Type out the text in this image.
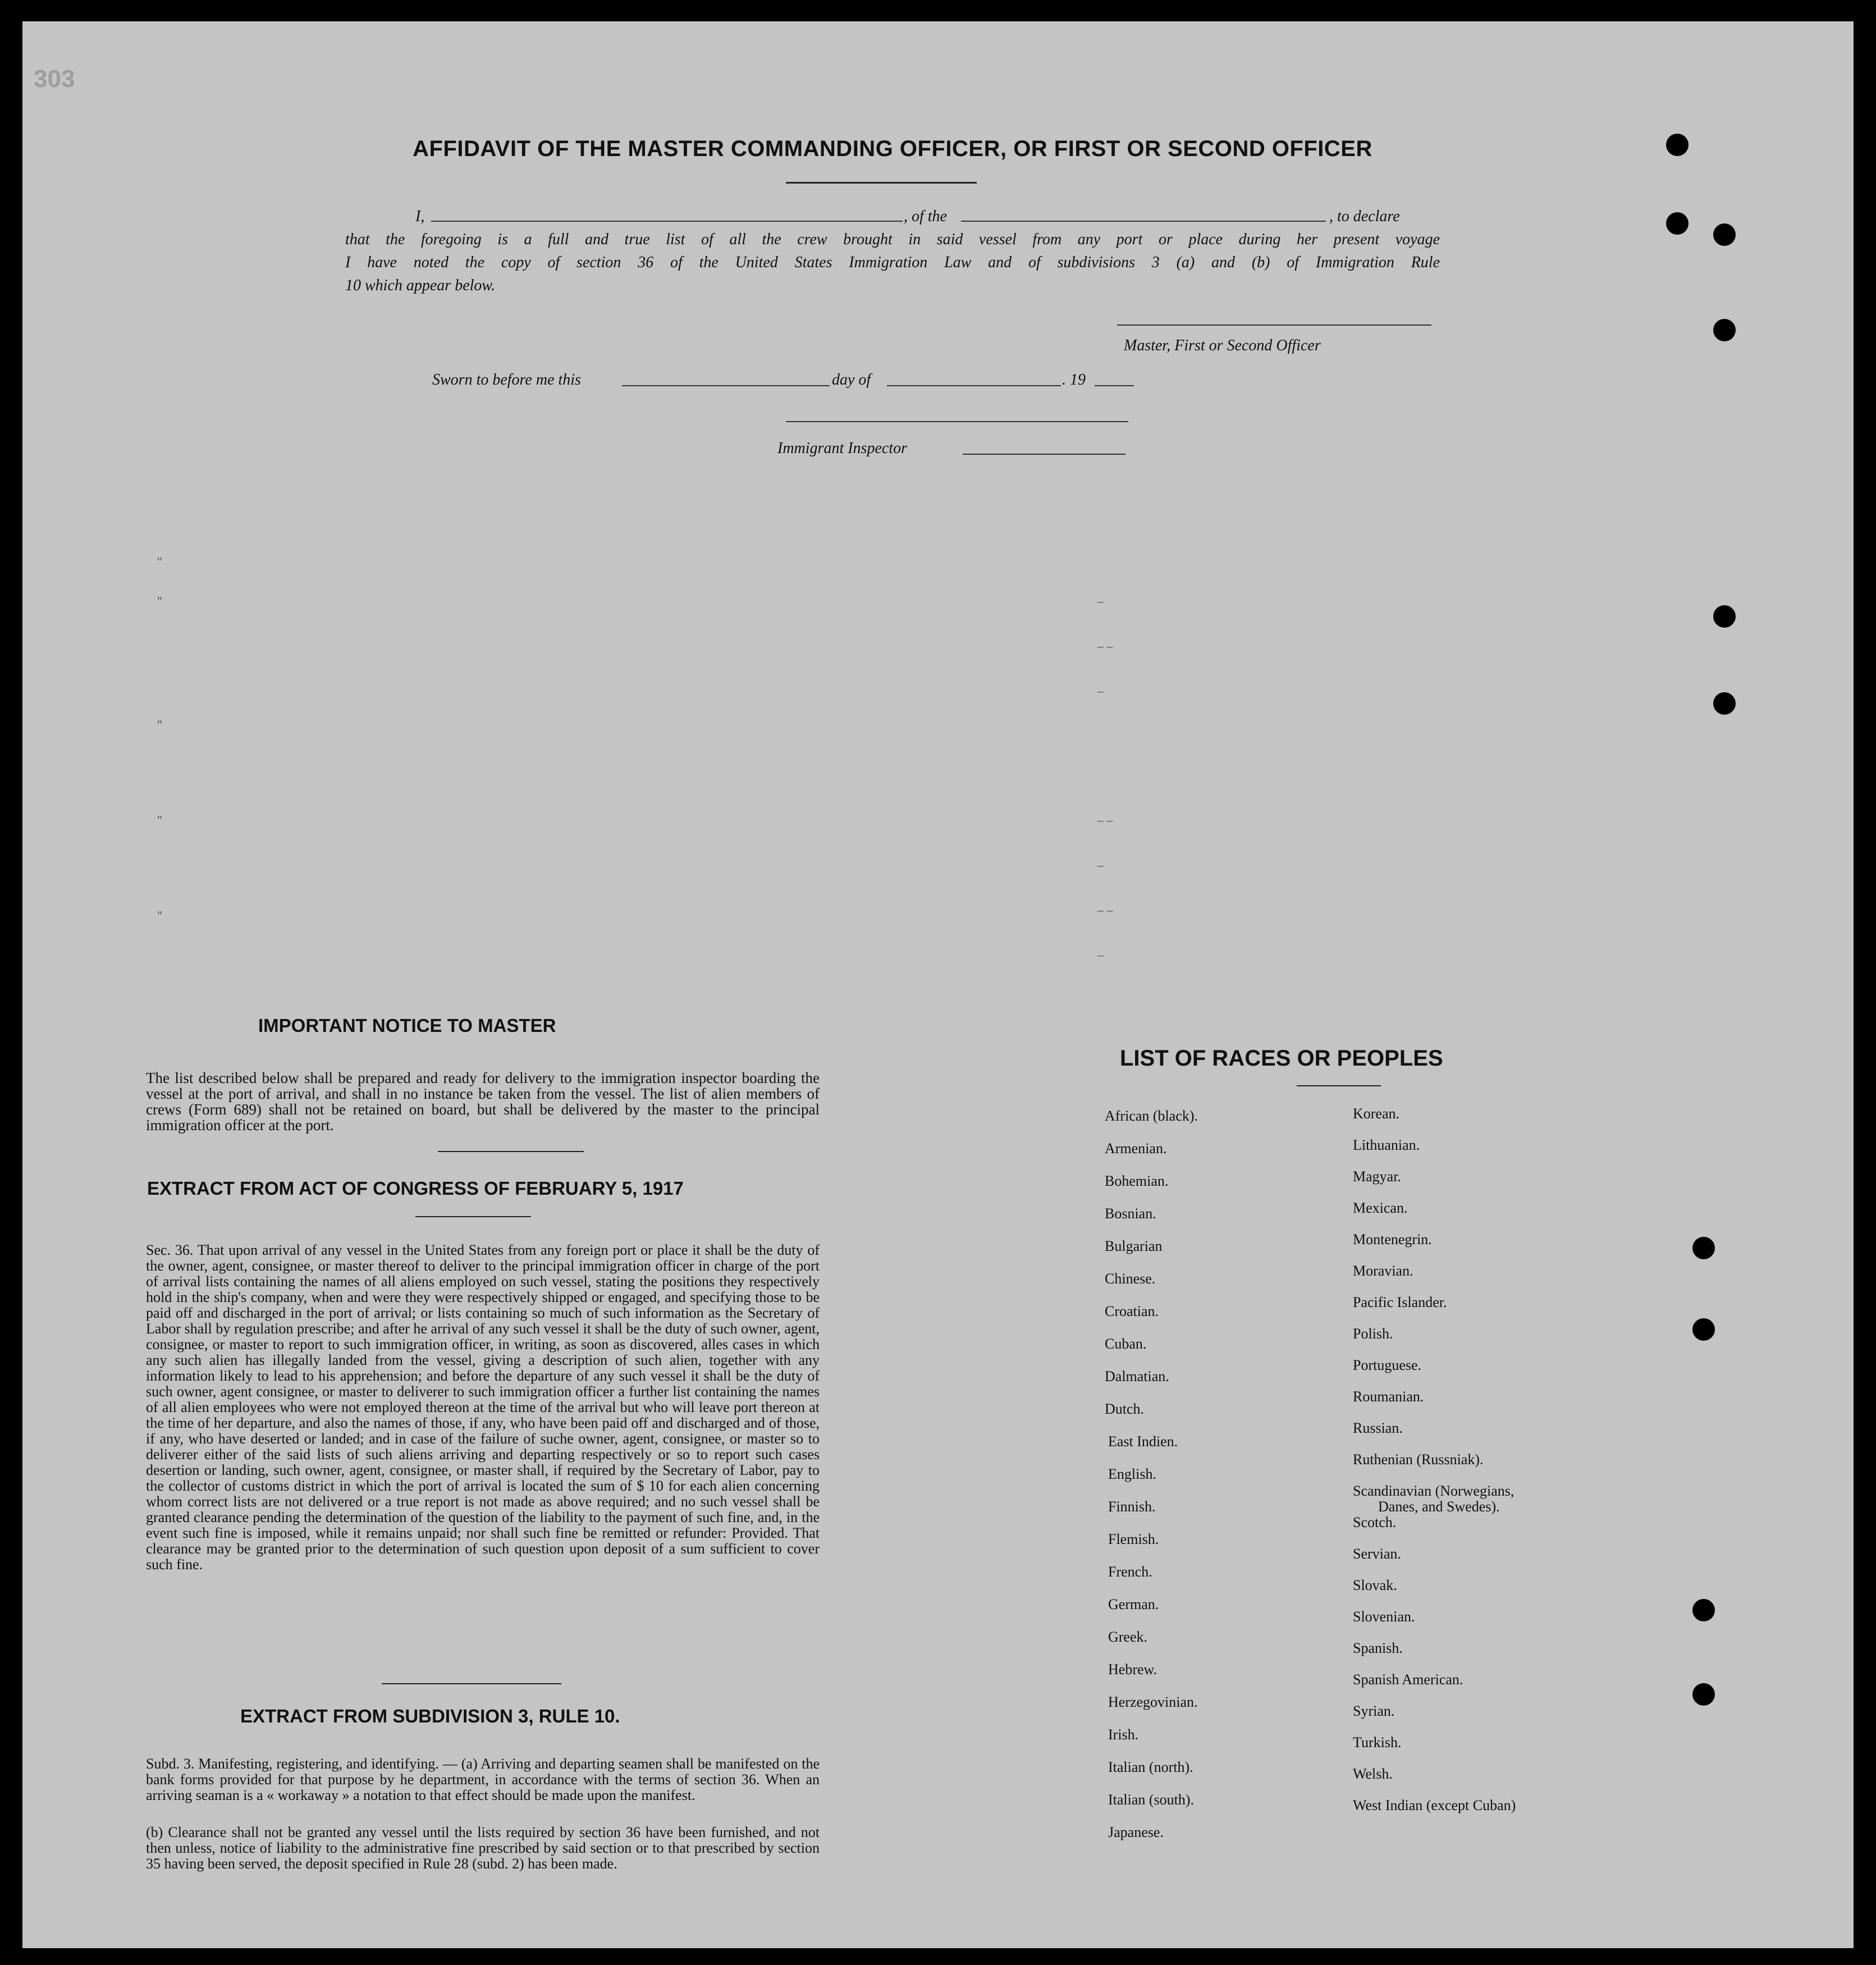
303
AFFIDAVIT OF THE MASTER COMMANDING OFFICER, OR FIRST OR SECOND OFFICER
I,	, of the	, to declare
that the foregoing is a full and true list of all the crew brought in said vessel from any port or place during her present voyage
I have noted the copy of section 36 of the United States Immigration Law and of subdivisions 3 (a) and (b) of Immigration Rule
10 which appear below.
Master, First or Second Officer
Sworn to before me this	day of	. 19
Immigrant Inspector
"
"
"
"
"
–
– –
–
– –
–
– –
–
IMPORTANT NOTICE TO MASTER
The list described below shall be prepared and ready for delivery to the immigration inspector boarding the vessel at the port of arrival, and shall in no instance be taken from the vessel. The list of alien members of crews (Form 689) shall not be retained on board, but shall be delivered by the master to the principal immigration officer at the port.
EXTRACT FROM ACT OF CONGRESS OF FEBRUARY 5, 1917
Sec. 36. That upon arrival of any vessel in the United States from any foreign port or place it shall be the duty of the owner, agent, consignee, or master thereof to deliver to the principal immigration officer in charge of the port of arrival lists containing the names of all aliens employed on such vessel, stating the positions they respectively hold in the ship's company, when and were they were respectively shipped or engaged, and specifying those to be paid off and discharged in the port of arrival; or lists containing so much of such information as the Secretary of Labor shall by regulation prescribe; and after he arrival of any such vessel it shall be the duty of such owner, agent, consignee, or master to report to such immigration officer, in writing, as soon as discovered, alles cases in which any such alien has illegally landed from the vessel, giving a description of such alien, together with any information likely to lead to his apprehension; and before the departure of any such vessel it shall be the duty of such owner, agent consignee, or master to deliverer to such immigration officer a further list containing the names of all alien employees who were not employed thereon at the time of the arrival but who will leave port thereon at the time of her departure, and also the names of those, if any, who have been paid off and discharged and of those, if any, who have deserted or landed; and in case of the failure of suche owner, agent, consignee, or master so to deliverer either of the said lists of such aliens arriving and departing respectively or so to report such cases desertion or landing, such owner, agent, consignee, or master shall, if required by the Secretary of Labor, pay to the collector of customs district in which the port of arrival is located the sum of $ 10 for each alien concerning whom correct lists are not delivered or a true report is not made as above required; and no such vessel shall be granted clearance pending the determination of the question of the liability to the payment of such fine, and, in the event such fine is imposed, while it remains unpaid; nor shall such fine be remitted or refunder: Provided. That clearance may be granted prior to the determination of such question upon deposit of a sum sufficient to cover such fine.
EXTRACT FROM SUBDIVISION 3, RULE 10.
Subd. 3. Manifesting, registering, and identifying. — (a) Arriving and departing seamen shall be manifested on the bank forms provided for that purpose by he department, in accordance with the terms of section 36. When an arriving seaman is a « workaway » a notation to that effect should be made upon the manifest.
(b) Clearance shall not be granted any vessel until the lists required by section 36 have been furnished, and not then unless, notice of liability to the administrative fine prescribed by said section or to that prescribed by section 35 having been served, the deposit specified in Rule 28 (subd. 2) has been made.
LIST OF RACES OR PEOPLES
African (black).
Armenian.
Bohemian.
Bosnian.
Bulgarian
Chinese.
Croatian.
Cuban.
Dalmatian.
Dutch.
East Indien.
English.
Finnish.
Flemish.
French.
German.
Greek.
Hebrew.
Herzegovinian.
Irish.
Italian (north).
Italian (south).
Japanese.
Korean.
Lithuanian.
Magyar.
Mexican.
Montenegrin.
Moravian.
Pacific Islander.
Polish.
Portuguese.
Roumanian.
Russian.
Ruthenian (Russniak).
Scandinavian (Norwegians,
Danes, and Swedes).
Scotch.
Servian.
Slovak.
Slovenian.
Spanish.
Spanish American.
Syrian.
Turkish.
Welsh.
West Indian (except Cuban)
